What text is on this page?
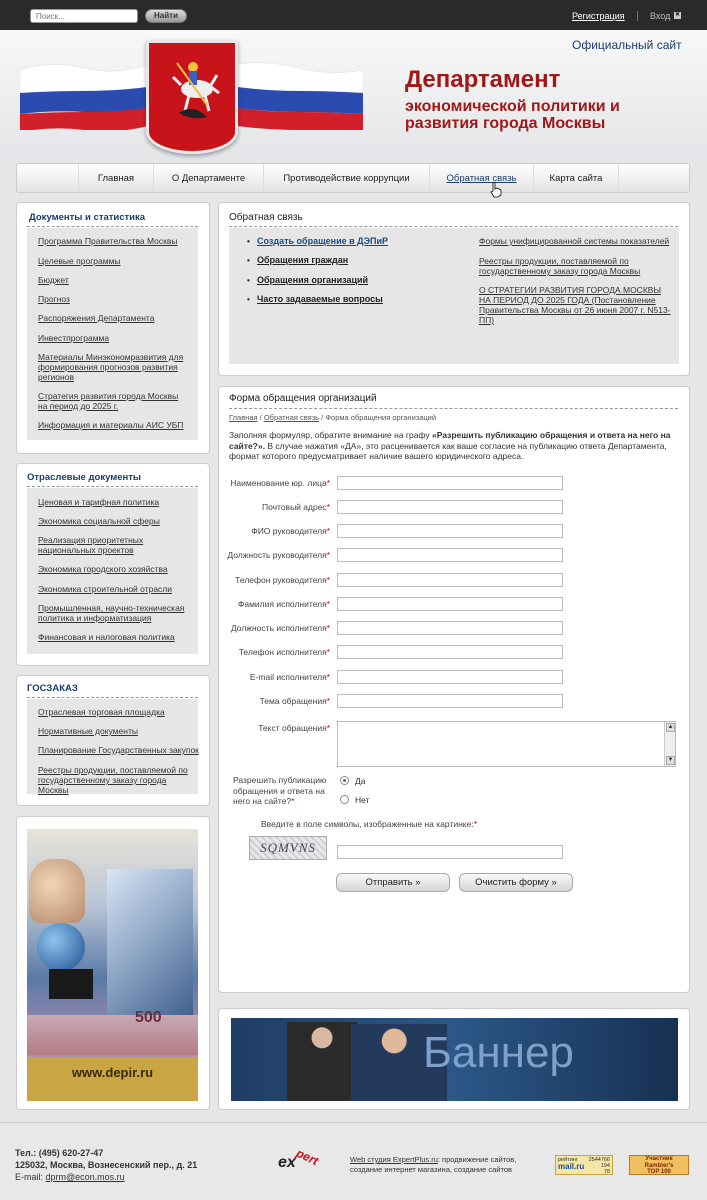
Поиск...
Найти	Регистрация	Вход ✖
Официальный сайт
Департамент
экономической политики и развития города Москвы
Главная	О Департаменте	Противодействие коррупции	Обратная связь	Карта сайта
Документы и статистика
Программа Правительства Москвы
Целевые программы
Бюджет
Прогноз
Распоряжения Департамента
Инвестпрограмма
Материалы Минэкономразвития для формирования прогнозов развития регионов
Стратегия развития города Москвы на период до 2025 г.
Информация и материалы АИС УБП
Отраслевые документы
Ценовая и тарифная политика
Экономика социальной сферы
Реализация приоритетных национальных проектов
Экономика городского хозяйства
Экономика строительной отрасли
Промышленная, научно-техническая политика и информатизация
Финансовая и налоговая политика
ГОСЗАКАЗ
Отраслевая торговая площадка
Нормативные документы
Планирование Государственных закупок
Реестры продукции, поставляемой по государственному заказу города Москвы
500
www.depir.ru
Обратная связь
• Создать обращение в ДЭПиР
• Обращения граждан
• Обращения организаций
• Часто задаваемые вопросы
Формы унифицированной системы показателей
Реестры продукции, поставляемой по государственному заказу города Москвы
О СТРАТЕГИИ РАЗВИТИЯ ГОРОДА МОСКВЫ НА ПЕРИОД ДО 2025 ГОДА (Постановление Правительства Москвы от 26 июня 2007 г. N513-ПП)
Форма обращения организаций
Главная / Обратная связь / Форма обращения организаций
Заполняя формуляр, обратите внимание на графу «Разрешить публикацию обращения и ответа на него на сайте?». В случае нажатия «ДА», это расценивается как ваше согласие на публикацию ответа Департамента, формат которого предусматривает наличие вашего юридического адреса.
Наименование юр. лица*
Почтовый адрес*
ФИО руководителя*
Должность руководителя*
Телефон руководителя*
Фамилия исполнителя*
Должность исполнителя*
Телефон исполнителя*
E-mail исполнителя*
Тема обращения*
Текст обращения*	▲
▼
Разрешить публикацию обращения и ответа на него на сайте?*
Да
Нет
Введите в поле символы, изображенные на картинке:*
SQMVNS
Отправить »	Очистить форму »
Баннер
Тел.: (495) 620-27-47
125032, Москва, Вознесенский пер., д. 21
E-mail: dprm@econ.mos.ru
ex
pert	Web студия ExpertPlus.ru: продвижение сайтов, создание интернет магазина, создание сайтов
рейтинг 2544766
194
78
mail.ru
Участник
Rambler's
TOP 100
